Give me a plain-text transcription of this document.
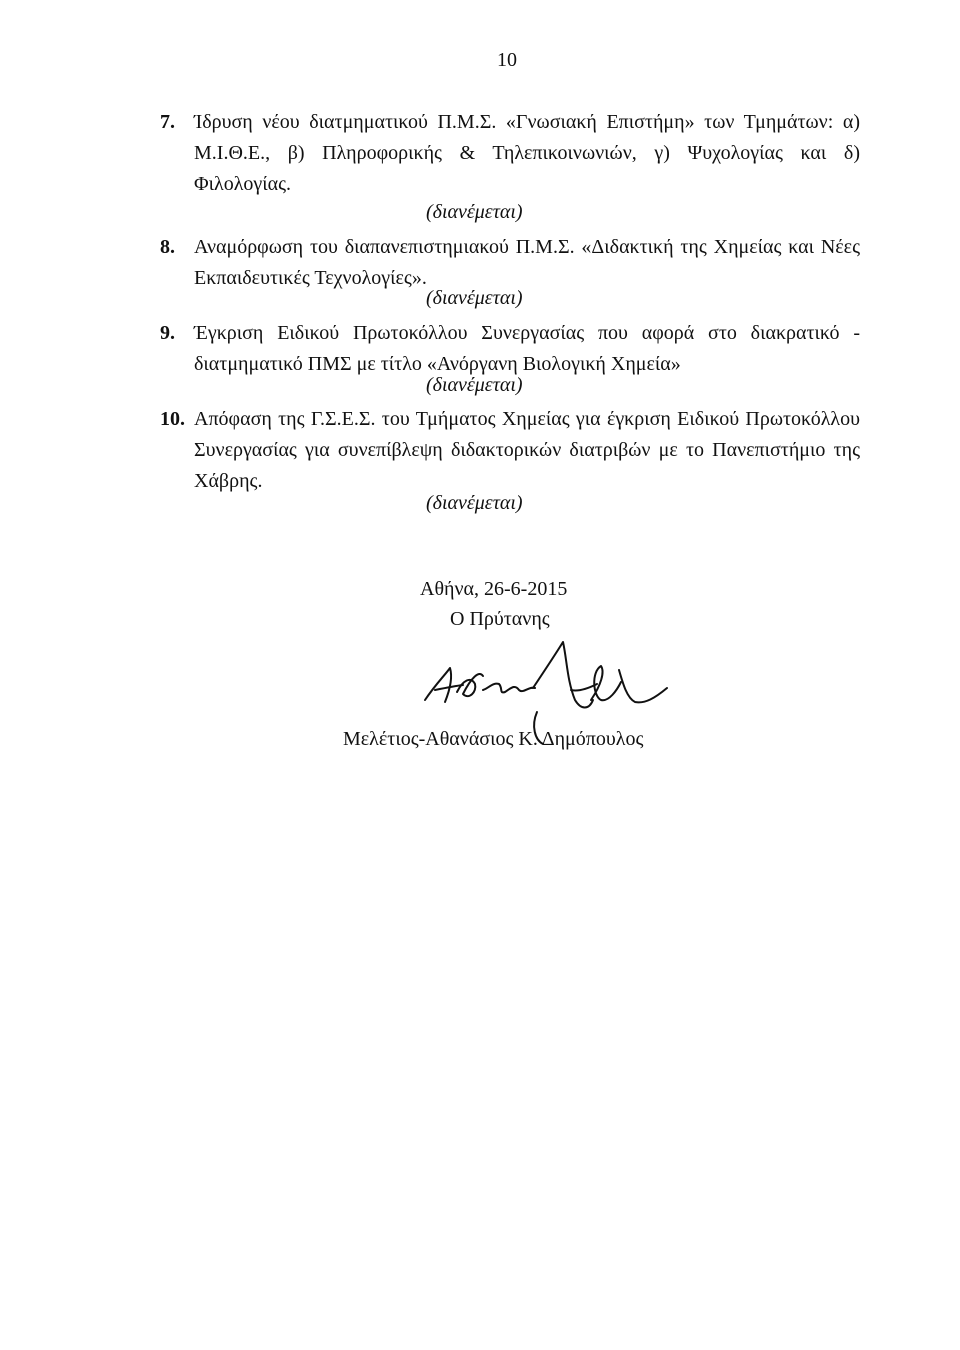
10
7. Ίδρυση νέου διατμηματικού Π.Μ.Σ. «Γνωσιακή Επιστήμη» των Τμημάτων: α) Μ.Ι.Θ.Ε., β) Πληροφορικής & Τηλεπικοινωνιών, γ) Ψυχολογίας και δ) Φιλολογίας.
(διανέμεται)
8. Αναμόρφωση του διαπανεπιστημιακού Π.Μ.Σ. «Διδακτική της Χημείας και Νέες Εκπαιδευτικές Τεχνολογίες».
(διανέμεται)
9. Έγκριση Ειδικού Πρωτοκόλλου Συνεργασίας που αφορά στο διακρατικό - διατμηματικό ΠΜΣ με τίτλο «Ανόργανη Βιολογική Χημεία»
(διανέμεται)
10. Απόφαση της Γ.Σ.Ε.Σ. του Τμήματος Χημείας για έγκριση Ειδικού Πρωτοκόλλου Συνεργασίας για συνεπίβλεψη διδακτορικών διατριβών με το Πανεπιστήμιο της Χάβρης.
(διανέμεται)
Αθήνα, 26-6-2015
Ο Πρύτανης
Μελέτιος-Αθανάσιος Κ. Δημόπουλος
